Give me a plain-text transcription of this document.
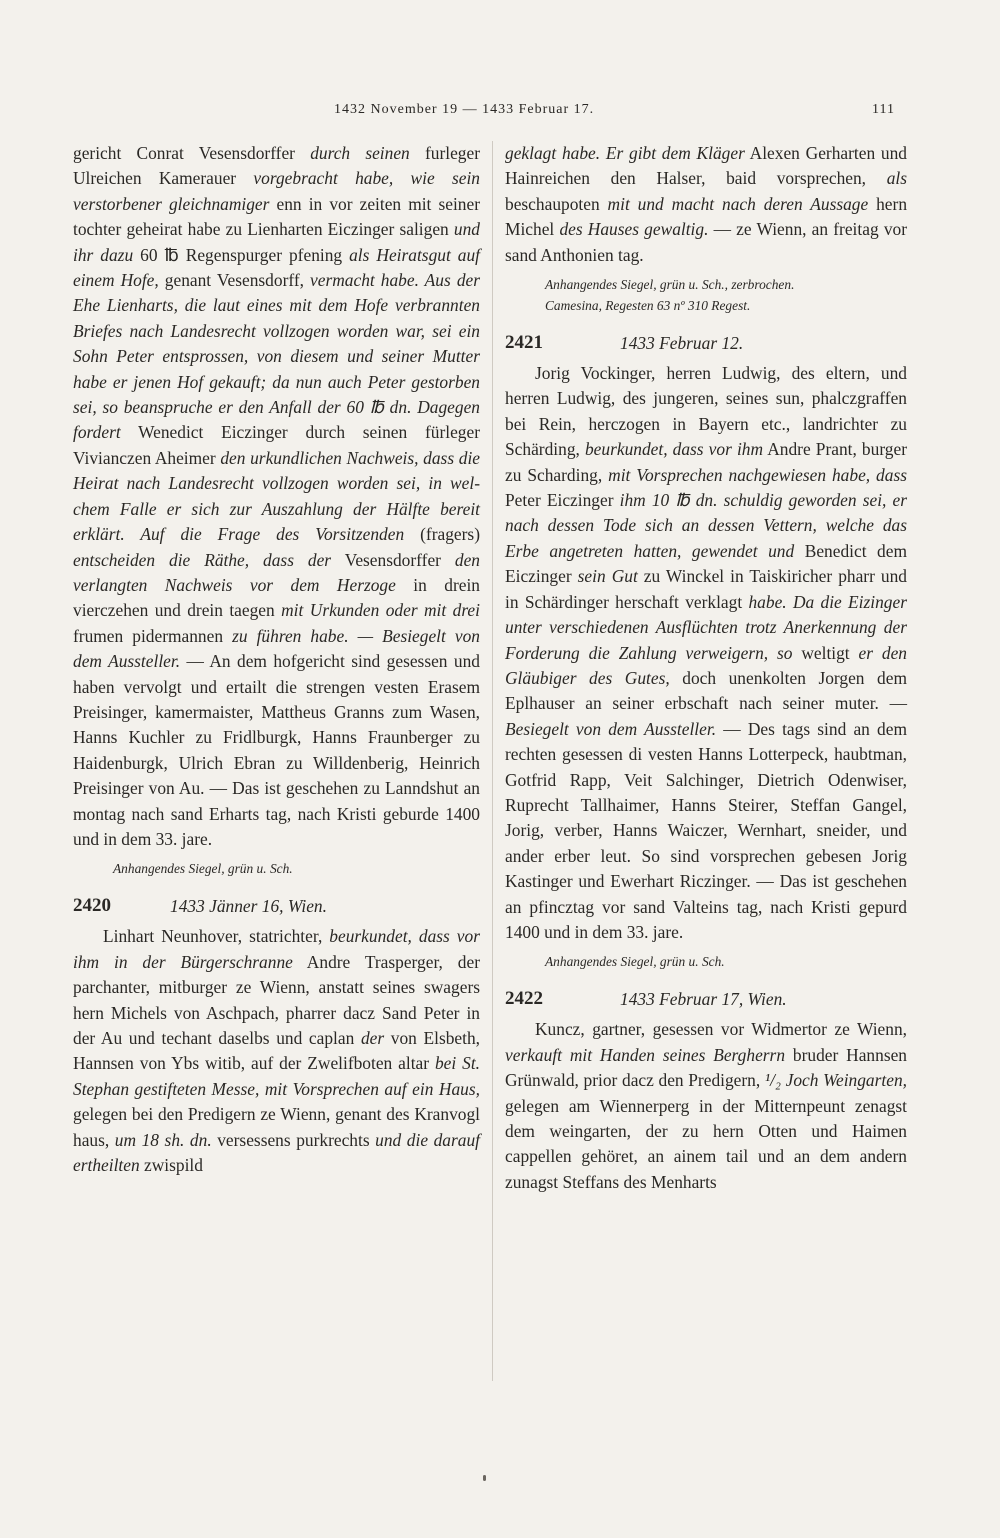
1432 November 19 — 1433 Februar 17.	111

gericht Conrat Vesensdorffer durch seinen furleger Ulreichen Kamerauer vorgebracht habe, wie sein verstorbener gleichnamiger enn in vor zeiten mit seiner tochter geheirat habe zu Lienharten Eiczinger saligen und ihr dazu 60 ℔ Regenspurger pfening als Heiratsgut auf einem Hofe, genant Vesensdorff, vermacht habe. Aus der Ehe Lienharts, die laut eines mit dem Hofe verbrannten Briefes nach Landesrecht vollzogen worden war, sei ein Sohn Peter entsprossen, von diesem und seiner Mutter habe er jenen Hof gekauft; da nun auch Peter gestorben sei, so beanspruche er den Anfall der 60 ℔ dn. Dagegen fordert Wenedict Eiczinger durch seinen fürleger Vivianczen Aheimer den urkundlichen Nachweis, dass die Heirat nach Landesrecht vollzogen worden sei, in welchem Falle er sich zur Auszahlung der Hälfte bereit erklärt. Auf die Frage des Vorsitzenden (fragers) entscheiden die Räthe, dass der Vesensdorffer den verlangten Nachweis vor dem Herzoge in drein vierczehen und drein taegen mit Urkunden oder mit drei frumen pidermannen zu führen habe. — Besiegelt von dem Aussteller. — An dem hofgericht sind gesessen und haben vervolgt und ertailt die strengen vesten Erasem Preisinger, kamermaister, Mattheus Granns zum Wasen, Hanns Kuchler zu Fridlburgk, Hanns Fraunberger zu Haidenburgk, Ulrich Ebran zu Willdenberig, Heinrich Preisinger von Au. — Das ist geschehen zu Lanndshut an montag nach sand Erharts tag, nach Kristi geburde 1400 und in dem 33. jare.

Anhangendes Siegel, grün u. Sch.

2420	1433 Jänner 16, Wien.

Linhart Neunhover, statrichter, beurkundet, dass vor ihm in der Bürgerschranne Andre Trasperger, der parchanter, mitburger ze Wienn, anstatt seines swagers hern Michels von Aschpach, pharrer dacz Sand Peter in der Au und techant daselbs und caplan der von Elsbeth, Hannsen von Ybs witib, auf der Zwelifboten altar bei St. Stephan gestifteten Messe, mit Vorsprechen auf ein Haus, gelegen bei den Predigern ze Wienn, genant des Kranvogl haus, um 18 sh. dn. versessens purkrechts und die darauf ertheilten zwispild

geklagt habe. Er gibt dem Kläger Alexen Gerharten und Hainreichen den Halser, baid vorsprechen, als beschaupoten mit und macht nach deren Aussage hern Michel des Hauses gewaltig. — ze Wienn, an freitag vor sand Anthonien tag.

Anhangendes Siegel, grün u. Sch., zerbrochen.

Camesina, Regesten 63 nº 310 Regest.

2421	1433 Februar 12.

Jorig Vockinger, herren Ludwig, des eltern, und herren Ludwig, des jungeren, seines sun, phalczgraffen bei Rein, herczogen in Bayern etc., landrichter zu Schärding, beurkundet, dass vor ihm Andre Prant, burger zu Scharding, mit Vorsprechen nachgewiesen habe, dass Peter Eiczinger ihm 10 ℔ dn. schuldig geworden sei, er nach dessen Tode sich an dessen Vettern, welche das Erbe angetreten hatten, gewendet und Benedict dem Eiczinger sein Gut zu Winckel in Taiskiricher pharr und in Schärdinger herschaft verklagt habe. Da die Eizinger unter verschiedenen Ausflüchten trotz Anerkennung der Forderung die Zahlung verweigern, so weltigt er den Gläubiger des Gutes, doch unenkolten Jorgen dem Eplhauser an seiner erbschaft nach seiner muter. — Besiegelt von dem Aussteller. — Des tags sind an dem rechten gesessen di vesten Hanns Lotterpeck, haubtman, Gotfrid Rapp, Veit Salchinger, Dietrich Odenwiser, Ruprecht Tallhaimer, Hanns Steirer, Steffan Gangel, Jorig, verber, Hanns Waiczer, Wernhart, sneider, und ander erber leut. So sind vorsprechen gebesen Jorig Kastinger und Ewerhart Riczinger. — Das ist geschehen an pfincztag vor sand Valteins tag, nach Kristi gepurd 1400 und in dem 33. jare.

Anhangendes Siegel, grün u. Sch.

2422	1433 Februar 17, Wien.

Kuncz, gartner, gesessen vor Widmertor ze Wienn, verkauft mit Handen seines Bergherrn bruder Hannsen Grünwald, prior dacz den Predigern, ¹/₂ Joch Weingarten, gelegen am Wiennerperg in der Mitternpeunt zenagst dem weingarten, der zu hern Otten und Haimen cappellen gehöret, an ainem tail und an dem andern zunagst Steffans des Menharts
